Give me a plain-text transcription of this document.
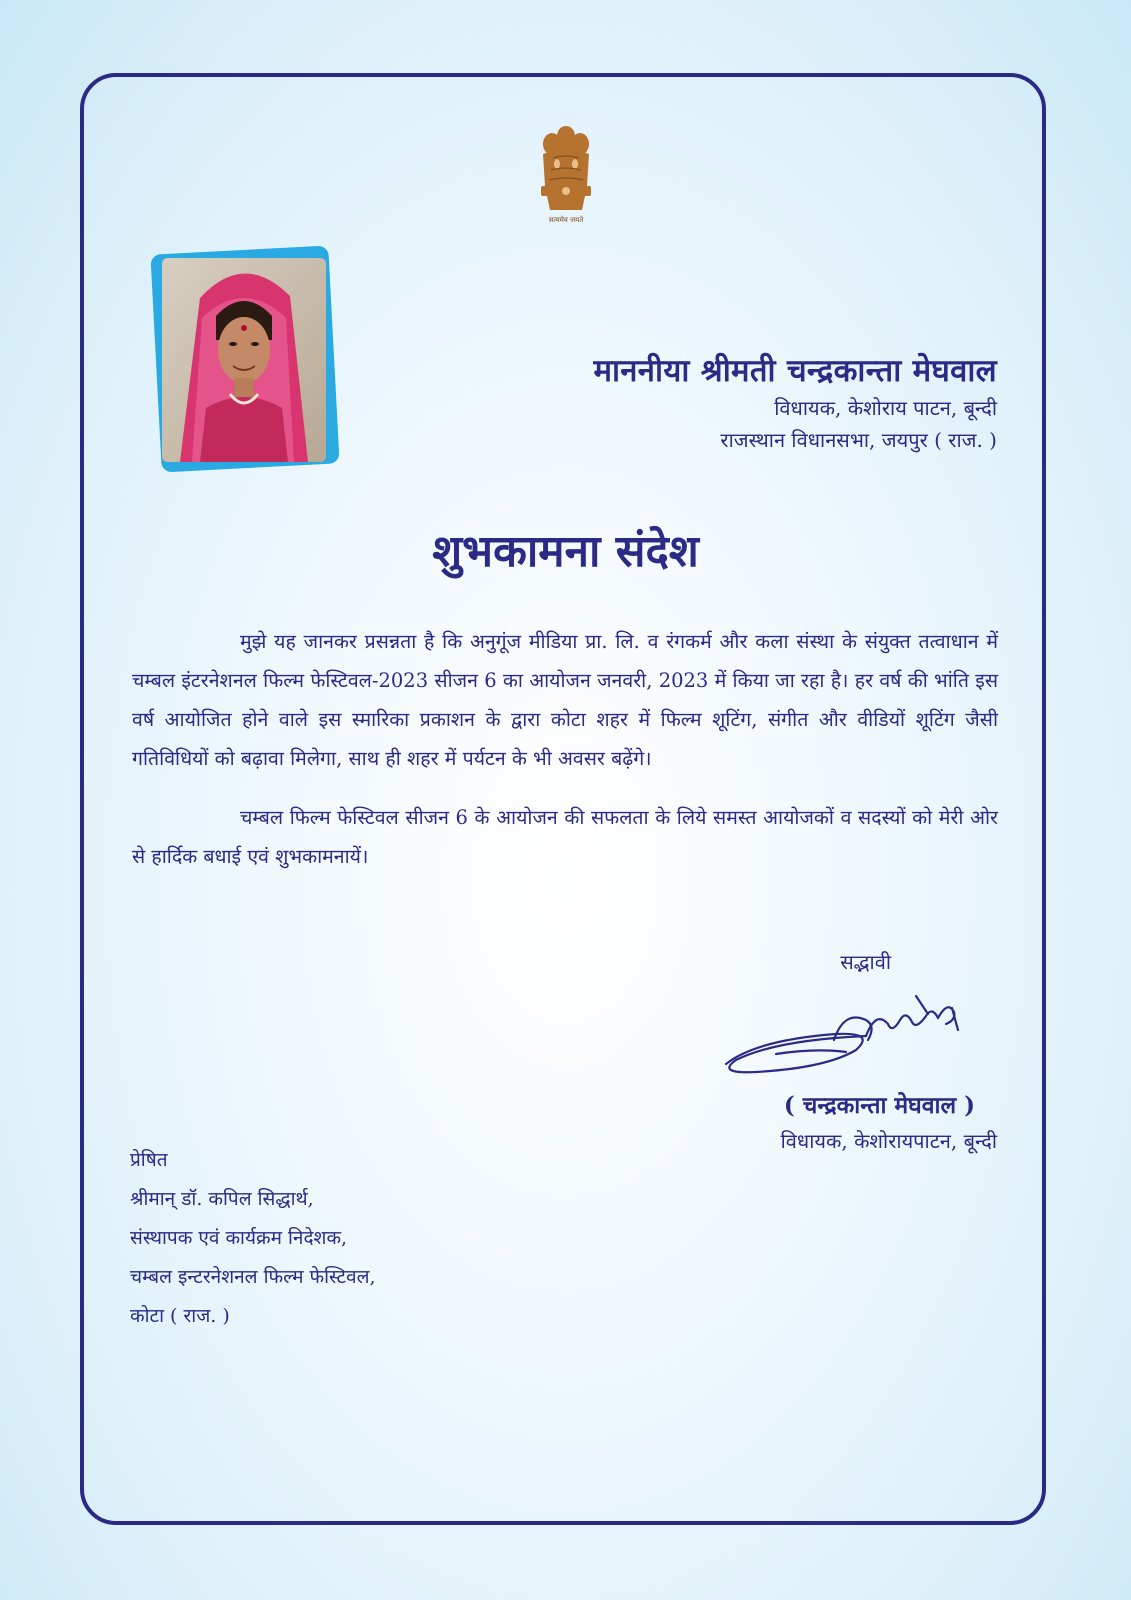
सत्यमेव जयते
माननीया श्रीमती चन्द्रकान्ता मेघवाल
विधायक, केशोराय पाटन, बून्दी
राजस्थान विधानसभा, जयपुर ( राज. )
शुभकामना संदेश

मुझे यह जानकर प्रसन्नता है कि अनुगूंज मीडिया प्रा. लि. व रंगकर्म और कला संस्था के संयुक्त तत्वाधान में चम्बल इंटरनेशनल फिल्म फेस्टिवल-2023 सीजन 6 का आयोजन जनवरी, 2023 में किया जा रहा है। हर वर्ष की भांति इस वर्ष आयोजित होने वाले इस स्मारिका प्रकाशन के द्वारा कोटा शहर में फिल्म शूटिंग, संगीत और वीडियों शूटिंग जैसी गतिविधियों को बढ़ावा मिलेगा, साथ ही शहर में पर्यटन के भी अवसर बढ़ेंगे।

चम्बल फिल्म फेस्टिवल सीजन 6 के आयोजन की सफलता के लिये समस्त आयोजकों व सदस्यों को मेरी ओर से हार्दिक बधाई एवं शुभकामनायें।

सद्भावी
( चन्द्रकान्ता मेघवाल )
विधायक, केशोरायपाटन, बून्दी
प्रेषित
श्रीमान् डॉ. कपिल सिद्धार्थ,
संस्थापक एवं कार्यक्रम निदेशक,
चम्बल इन्टरनेशनल फिल्म फेस्टिवल,
कोटा ( राज. )
